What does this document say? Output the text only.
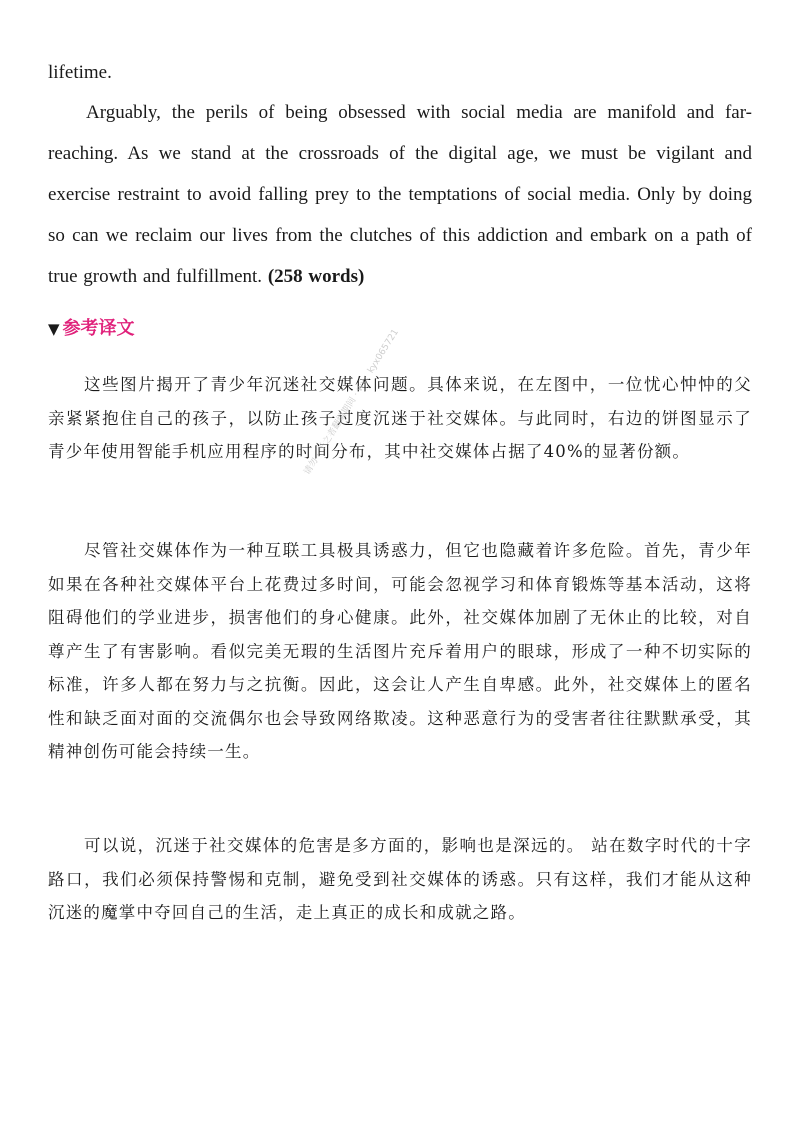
lifetime.

Arguably, the perils of being obsessed with social media are manifold and far-reaching. As we stand at the crossroads of the digital age, we must be vigilant and exercise restraint to avoid falling prey to the temptations of social media. Only by doing so can we reclaim our lives from the clutches of this addiction and embark on a path of true growth and fulfillment. (258 words)

▼ 参考译文

这些图片揭开了青少年沉迷社交媒体问题。具体来说，在左图中，一位忧心忡忡的父亲紧紧抱住自己的孩子，以防止孩子过度沉迷于社交媒体。与此同时，右边的饼图显示了青少年使用智能手机应用程序的时间分布，其中社交媒体占据了40%的显著份额。

尽管社交媒体作为一种互联工具极具诱惑力，但它也隐藏着许多危险。首先，青少年如果在各种社交媒体平台上花费过多时间，可能会忽视学习和体育锻炼等基本活动，这将阻碍他们的学业进步，损害他们的身心健康。此外，社交媒体加剧了无休止的比较，对自尊产生了有害影响。看似完美无瑕的生活图片充斥着用户的眼球，形成了一种不切实际的标准，许多人都在努力与之抗衡。因此，这会让人产生自卑感。此外，社交媒体上的匿名性和缺乏面对面的交流偶尔也会导致网络欺凌。这种恶意行为的受害者往往默默承受，其精神创伤可能会持续一生。

可以说，沉迷于社交媒体的危害是多方面的，影响也是深远的。 站在数字时代的十字路口，我们必须保持警惕和克制，避免受到社交媒体的诱惑。只有这样，我们才能从这种沉迷的魔掌中夺回自己的生活，走上真正的成长和成就之路。

请勿 · 千之者翻编期间 · wx：kyx065721
